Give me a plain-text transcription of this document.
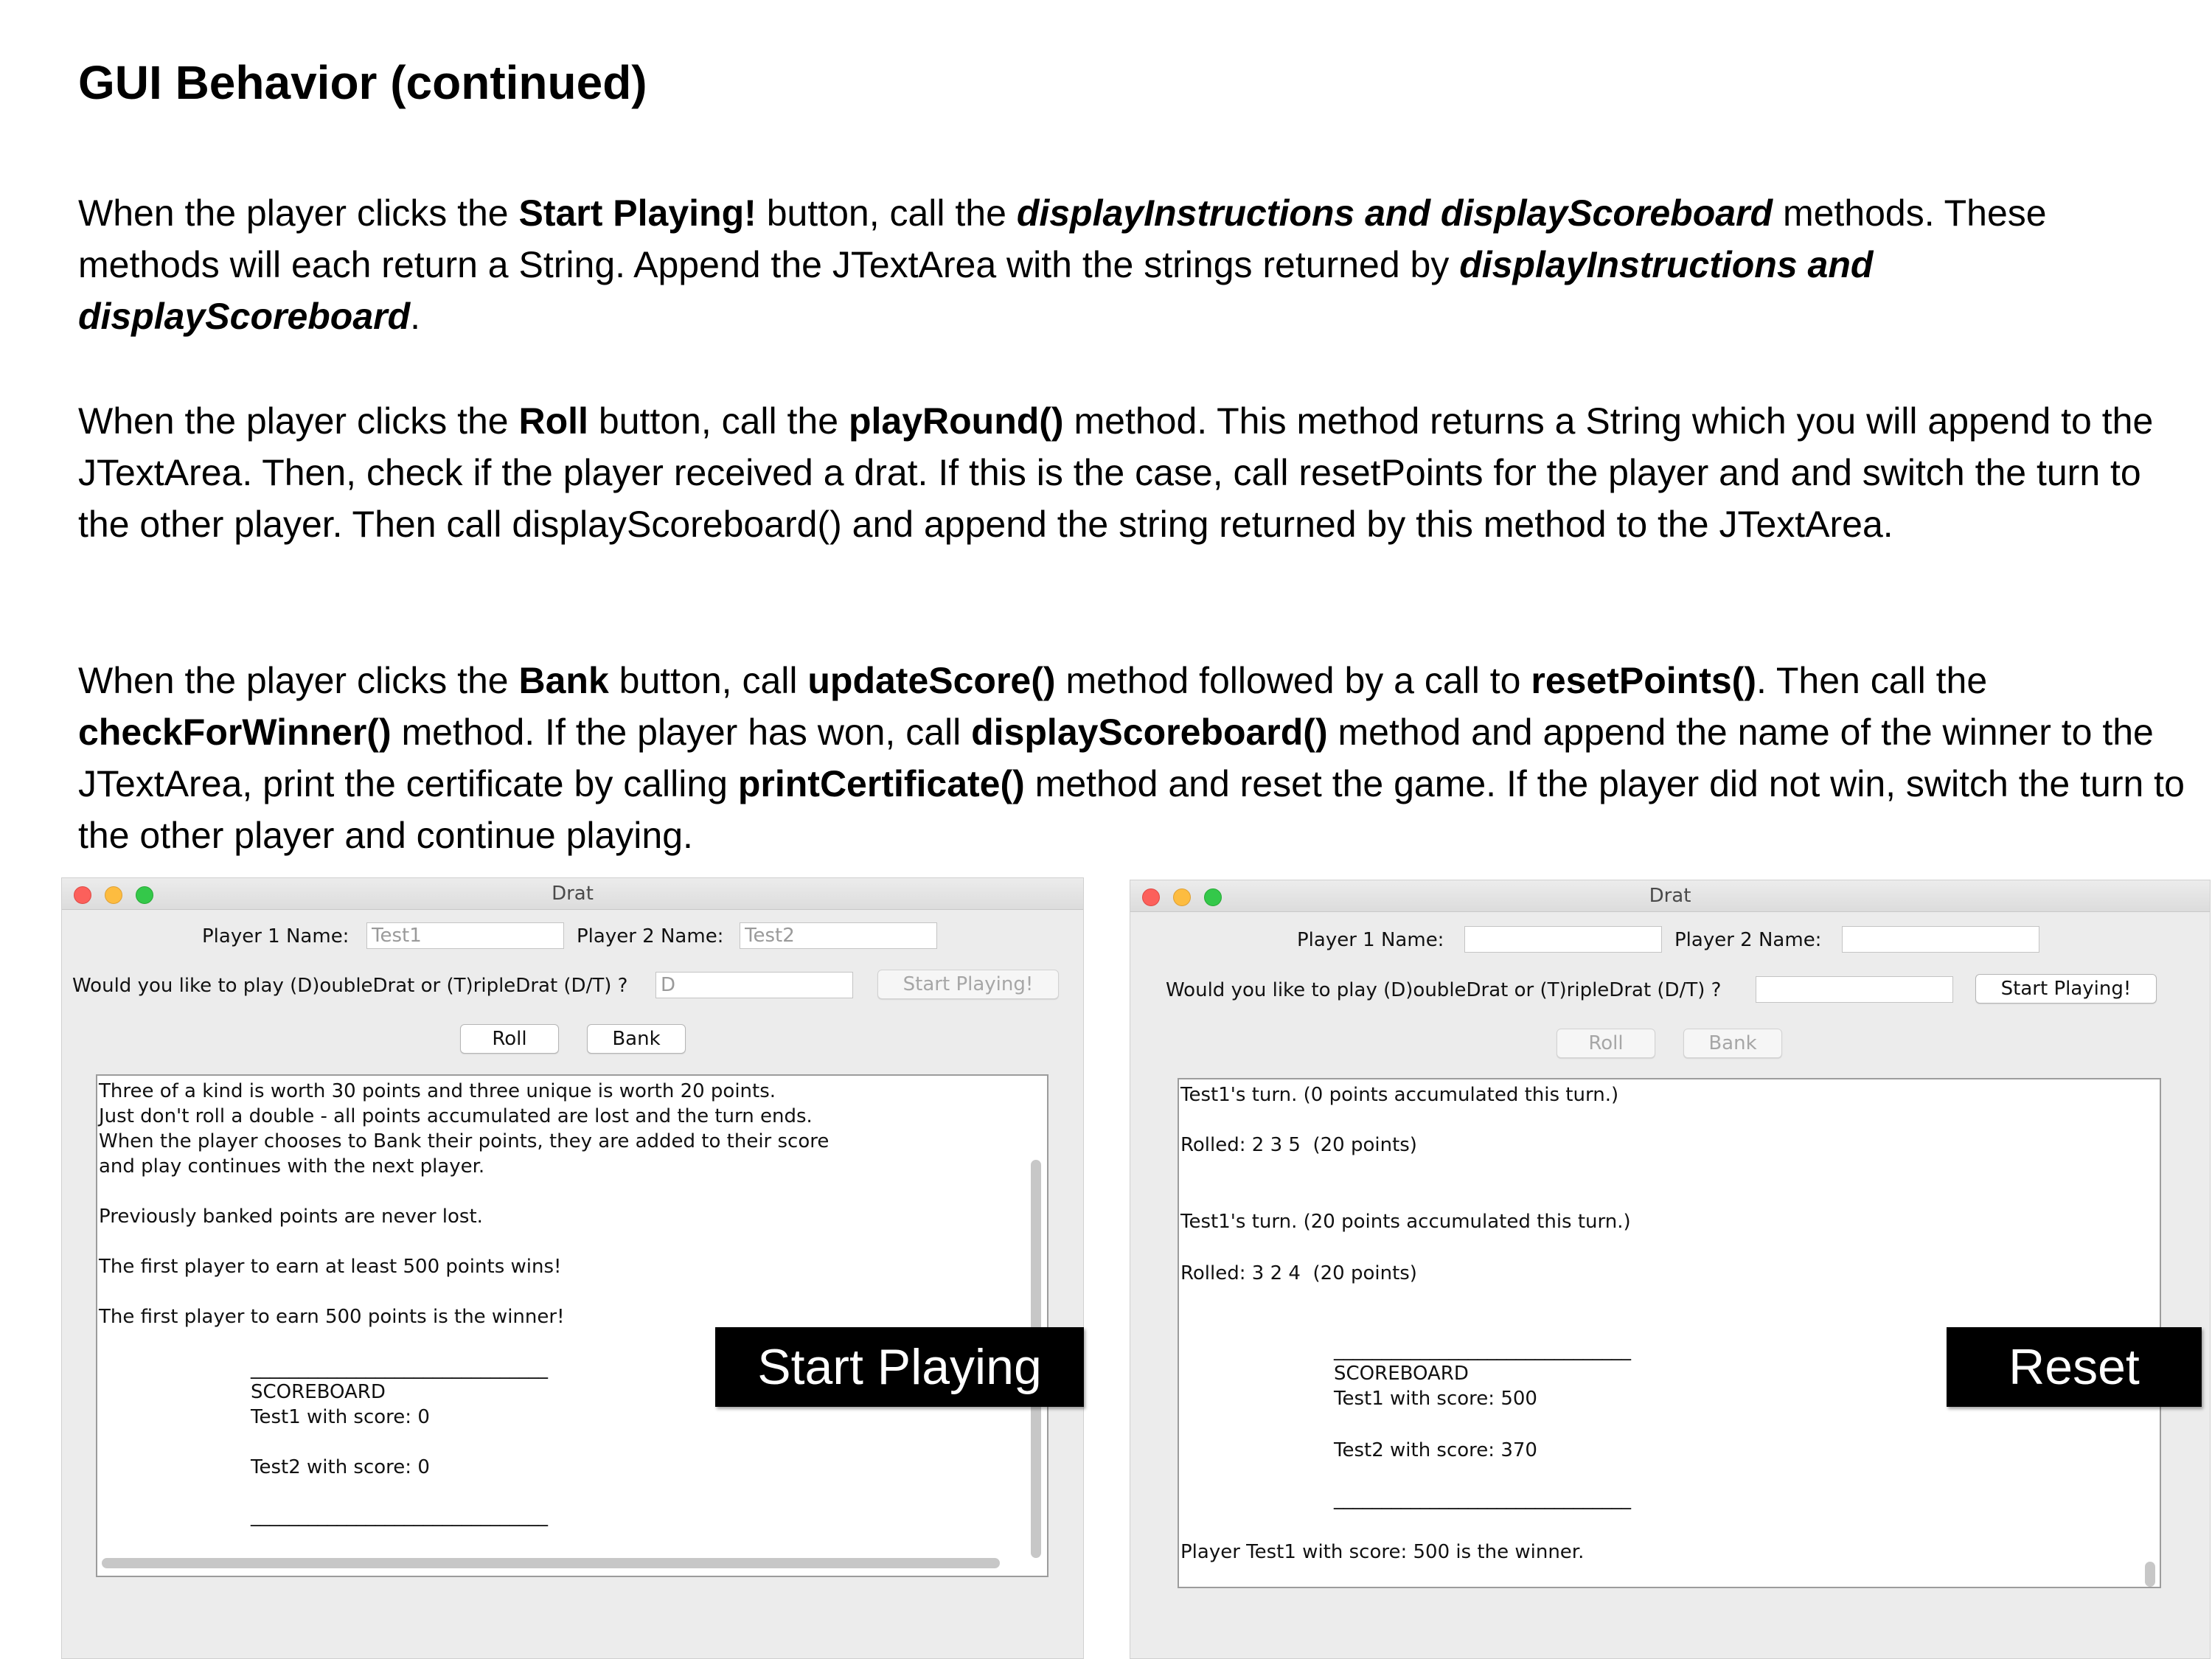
GUI Behavior (continued)

When the player clicks the Start Playing! button, call the displayInstructions and displayScoreboard methods. These methods will each return a String. Append the JTextArea with the strings returned by displayInstructions and displayScoreboard.

When the player clicks the Roll button, call the playRound() method. This method returns a String which you will append to the JTextArea. Then, check if the player received a drat. If this is the case, call resetPoints for the player and and switch the turn to the other player. Then call displayScoreboard() and append the string returned by this method to the JTextArea.

When the player clicks the Bank button, call updateScore() method followed by a call to resetPoints(). Then call the checkForWinner() method. If the player has won, call displayScoreboard() method and append the name of the winner to the JTextArea, print the certificate by calling printCertificate() method and reset the game. If the player did not win, switch the turn to the other player and continue playing.

Drat
Player 1 Name:
Test1	Player 2 Name:
Test2
Would you like to play (D)oubleDrat or (T)ripleDrat (D/T) ?
D	Start Playing!
Roll	Bank
Three of a kind is worth 30 points and three unique is worth 20 points.
Just don't roll a double - all points accumulated are lost and the turn ends.
When the player chooses to Bank their points, they are added to their score
and play continues with the next player.
Previously banked points are never lost.
The first player to earn at least 500 points wins!
The first player to earn 500 points is the winner!
_______________________________
SCOREBOARD
Test1 with score: 0
Test2 with score: 0
_______________________________
Start Playing
Drat
Player 1 Name:	Player 2 Name:
Would you like to play (D)oubleDrat or (T)ripleDrat (D/T) ?	Start Playing!
Roll	Bank
Test1's turn. (0 points accumulated this turn.)
Rolled: 2 3 5  (20 points)
Test1's turn. (20 points accumulated this turn.)
Rolled: 3 2 4  (20 points)
_______________________________
SCOREBOARD
Test1 with score: 500
Test2 with score: 370
_______________________________
Player Test1 with score: 500 is the winner.
Reset
